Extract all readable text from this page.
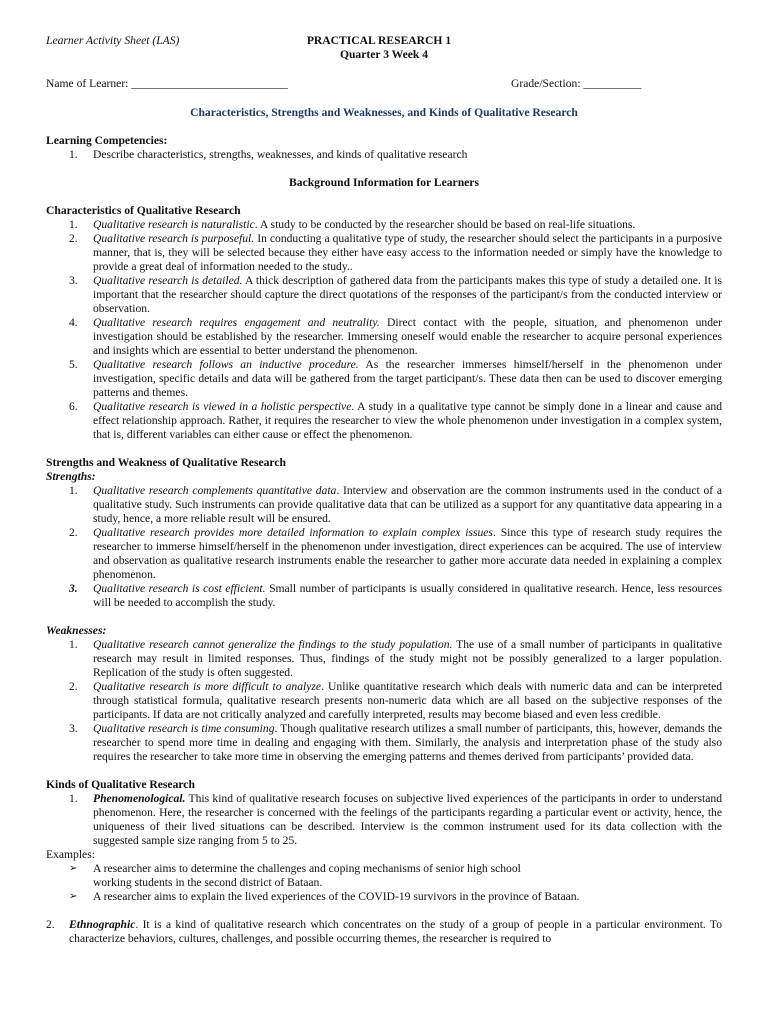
Learner Activity Sheet (LAS)	PRACTICAL RESEARCH 1
Quarter 3 Week 4
Name of Learner: ___________________________	Grade/Section: __________
Characteristics, Strengths and Weaknesses, and Kinds of Qualitative Research
Learning Competencies:
1. Describe characteristics, strengths, weaknesses, and kinds of qualitative research
Background Information for Learners
Characteristics of Qualitative Research
1. Qualitative research is naturalistic. A study to be conducted by the researcher should be based on real-life situations.
2. Qualitative research is purposeful. In conducting a qualitative type of study, the researcher should select the participants in a purposive manner, that is, they will be selected because they either have easy access to the information needed or simply have the knowledge to provide a great deal of information needed to the study..
3. Qualitative research is detailed. A thick description of gathered data from the participants makes this type of study a detailed one. It is important that the researcher should capture the direct quotations of the responses of the participant/s from the conducted interview or observation.
4. Qualitative research requires engagement and neutrality. Direct contact with the people, situation, and phenomenon under investigation should be established by the researcher. Immersing oneself would enable the researcher to acquire personal experiences and insights which are essential to better understand the phenomenon.
5. Qualitative research follows an inductive procedure. As the researcher immerses himself/herself in the phenomenon under investigation, specific details and data will be gathered from the target participant/s. These data then can be used to discover emerging patterns and themes.
6. Qualitative research is viewed in a holistic perspective. A study in a qualitative type cannot be simply done in a linear and cause and effect relationship approach. Rather, it requires the researcher to view the whole phenomenon under investigation in a complex system, that is, different variables can either cause or effect the phenomenon.
Strengths and Weakness of Qualitative Research
Strengths:
1. Qualitative research complements quantitative data. Interview and observation are the common instruments used in the conduct of a qualitative study. Such instruments can provide qualitative data that can be utilized as a support for any quantitative data appearing in a study, hence, a more reliable result will be ensured.
2. Qualitative research provides more detailed information to explain complex issues. Since this type of research study requires the researcher to immerse himself/herself in the phenomenon under investigation, direct experiences can be acquired. The use of interview and observation as qualitative research instruments enable the researcher to gather more accurate data needed in explaining a complex phenomenon.
3. Qualitative research is cost efficient. Small number of participants is usually considered in qualitative research. Hence, less resources will be needed to accomplish the study.
Weaknesses:
1. Qualitative research cannot generalize the findings to the study population. The use of a small number of participants in qualitative research may result in limited responses. Thus, findings of the study might not be possibly generalized to a larger population. Replication of the study is often suggested.
2. Qualitative research is more difficult to analyze. Unlike quantitative research which deals with numeric data and can be interpreted through statistical formula, qualitative research presents non-numeric data which are all based on the subjective responses of the participants. If data are not critically analyzed and carefully interpreted, results may become biased and even less credible.
3. Qualitative research is time consuming. Though qualitative research utilizes a small number of participants, this, however, demands the researcher to spend more time in dealing and engaging with them. Similarly, the analysis and interpretation phase of the study also requires the researcher to take more time in observing the emerging patterns and themes derived from participants’ provided data.
Kinds of Qualitative Research
1. Phenomenological. This kind of qualitative research focuses on subjective lived experiences of the participants in order to understand phenomenon. Here, the researcher is concerned with the feelings of the participants regarding a particular event or activity, hence, the uniqueness of their lived situations can be described. Interview is the common instrument used for its data collection with the suggested sample size ranging from 5 to 25.
Examples:
➢ A researcher aims to determine the challenges and coping mechanisms of senior high school
working students in the second district of Bataan.
➢ A researcher aims to explain the lived experiences of the COVID-19 survivors in the province of Bataan.
2. Ethnographic. It is a kind of qualitative research which concentrates on the study of a group of people in a particular environment. To characterize behaviors, cultures, challenges, and possible occurring themes, the researcher is required to
